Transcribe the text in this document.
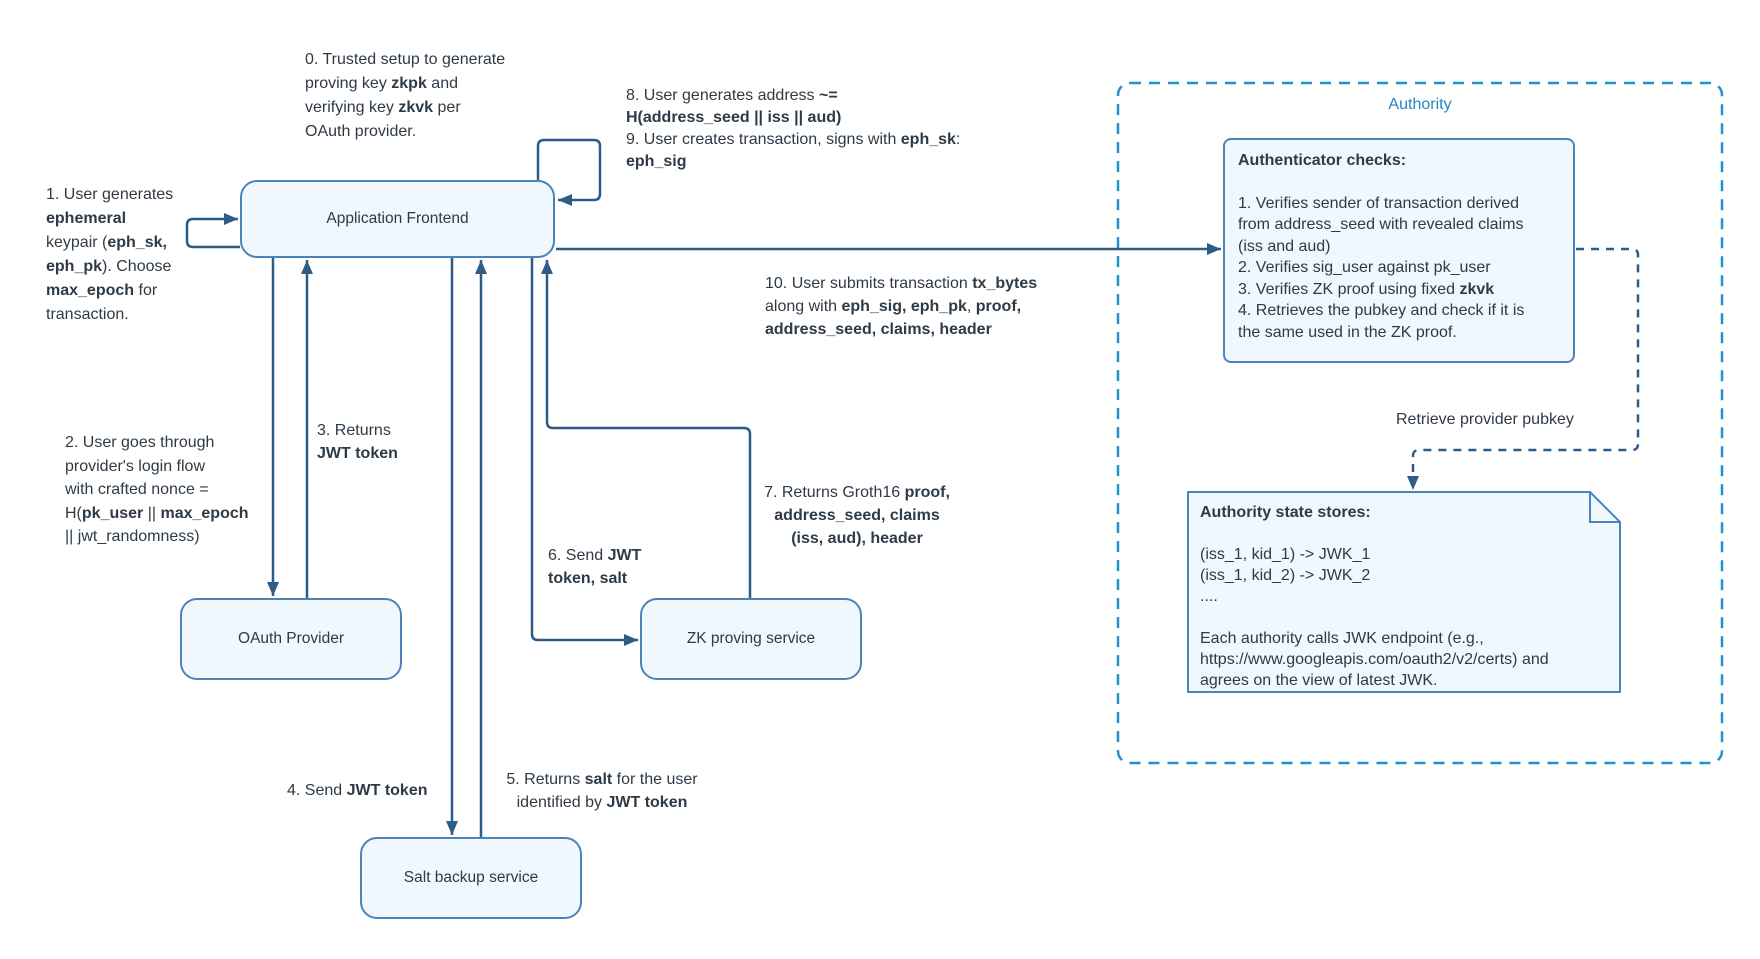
Application Frontend
OAuth Provider	ZK proving service
Salt backup service
Authority
Authenticator checks:
1. Verifies sender of transaction derived
from address_seed with revealed claims
(iss and aud)
2. Verifies sig_user against pk_user
3. Verifies ZK proof using fixed zkvk
4. Retrieves the pubkey and check if it is
the same used in the ZK proof.
Authority state stores:
(iss_1, kid_1) -> JWK_1
(iss_1, kid_2) -> JWK_2
....
Each authority calls JWK endpoint (e.g.,
https://www.googleapis.com/oauth2/v2/certs) and
agrees on the view of latest JWK.
0. Trusted setup to generate
proving key zkpk and
verifying key zkvk per
OAuth provider.
1. User generates
ephemeral
keypair (eph_sk,
eph_pk). Choose
max_epoch for
transaction.
2. User goes through
provider's login flow
with crafted nonce =
H(pk_user || max_epoch
|| jwt_randomness)
3. Returns
JWT token
4. Send JWT token
5. Returns salt for the user
identified by JWT token
6. Send JWT
token, salt
7. Returns Groth16 proof,
address_seed, claims
(iss, aud), header
8. User generates address ~=
H(address_seed || iss || aud)
9. User creates transaction, signs with eph_sk:
eph_sig
10. User submits transaction tx_bytes
along with eph_sig, eph_pk, proof,
address_seed, claims, header
Retrieve provider pubkey
